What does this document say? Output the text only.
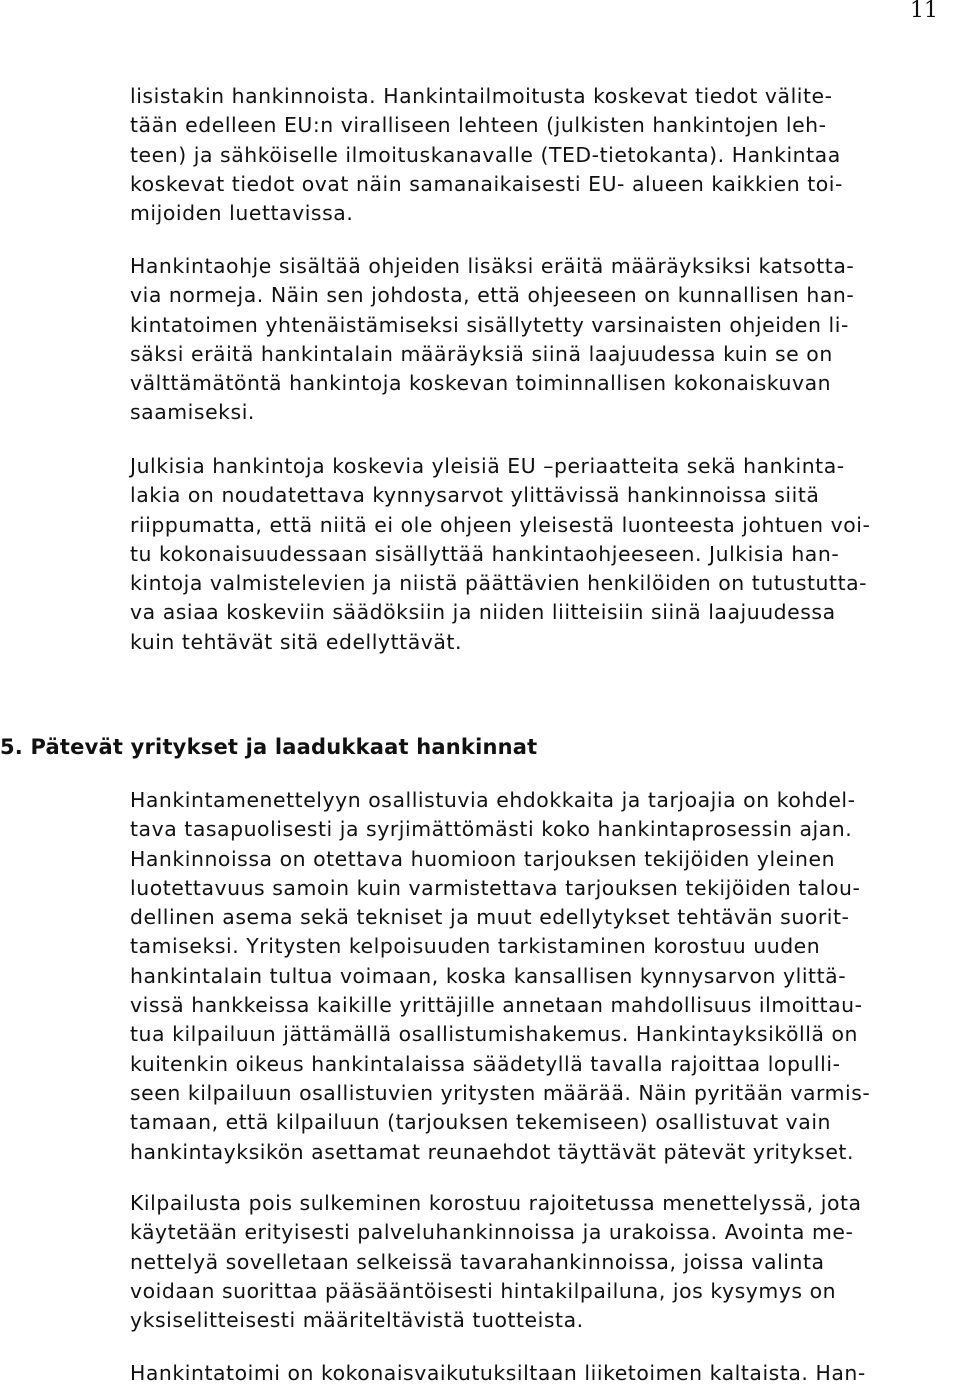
11

lisistakin hankinnoista. Hankintailmoitusta koskevat tiedot välite-
tään edelleen EU:n viralliseen lehteen (julkisten hankintojen leh-
teen) ja sähköiselle ilmoituskanavalle (TED-tietokanta). Hankintaa
koskevat tiedot ovat näin samanaikaisesti EU- alueen kaikkien toi-
mijoiden luettavissa.

Hankintaohje sisältää ohjeiden lisäksi eräitä määräyksiksi katsotta-
via normeja. Näin sen johdosta, että ohjeeseen on kunnallisen han-
kintatoimen yhtenäistämiseksi sisällytetty varsinaisten ohjeiden li-
säksi eräitä hankintalain määräyksiä siinä laajuudessa kuin se on
välttämätöntä hankintoja koskevan toiminnallisen kokonaiskuvan
saamiseksi.

Julkisia hankintoja koskevia yleisiä EU –periaatteita sekä hankinta-
lakia on noudatettava kynnysarvot ylittävissä hankinnoissa siitä
riippumatta, että niitä ei ole ohjeen yleisestä luonteesta johtuen voi-
tu kokonaisuudessaan sisällyttää hankintaohjeeseen. Julkisia han-
kintoja valmistelevien ja niistä päättävien henkilöiden on tutustutta-
va asiaa koskeviin säädöksiin ja niiden liitteisiin siinä laajuudessa
kuin tehtävät sitä edellyttävät.

5. Pätevät yritykset ja laadukkaat hankinnat

Hankintamenettelyyn osallistuvia ehdokkaita ja tarjoajia on kohdel-
tava tasapuolisesti ja syrjimättömästi koko hankintaprosessin ajan.
Hankinnoissa on otettava huomioon tarjouksen tekijöiden yleinen
luotettavuus samoin kuin varmistettava tarjouksen tekijöiden talou-
dellinen asema sekä tekniset ja muut edellytykset tehtävän suorit-
tamiseksi. Yritysten kelpoisuuden tarkistaminen korostuu uuden
hankintalain tultua voimaan, koska kansallisen kynnysarvon ylittä-
vissä hankkeissa kaikille yrittäjille annetaan mahdollisuus ilmoittau-
tua kilpailuun jättämällä osallistumishakemus. Hankintayksiköllä on
kuitenkin oikeus hankintalaissa säädetyllä tavalla rajoittaa lopulli-
seen kilpailuun osallistuvien yritysten määrää. Näin pyritään varmis-
tamaan, että kilpailuun (tarjouksen tekemiseen) osallistuvat vain
hankintayksikön asettamat reunaehdot täyttävät pätevät yritykset.

Kilpailusta pois sulkeminen korostuu rajoitetussa menettelyssä, jota
käytetään erityisesti palveluhankinnoissa ja urakoissa. Avointa me-
nettelyä sovelletaan selkeissä tavarahankinnoissa, joissa valinta
voidaan suorittaa pääsääntöisesti hintakilpailuna, jos kysymys on
yksiselitteisesti määriteltävistä tuotteista.

Hankintatoimi on kokonaisvaikutuksiltaan liiketoimen kaltaista. Han-
